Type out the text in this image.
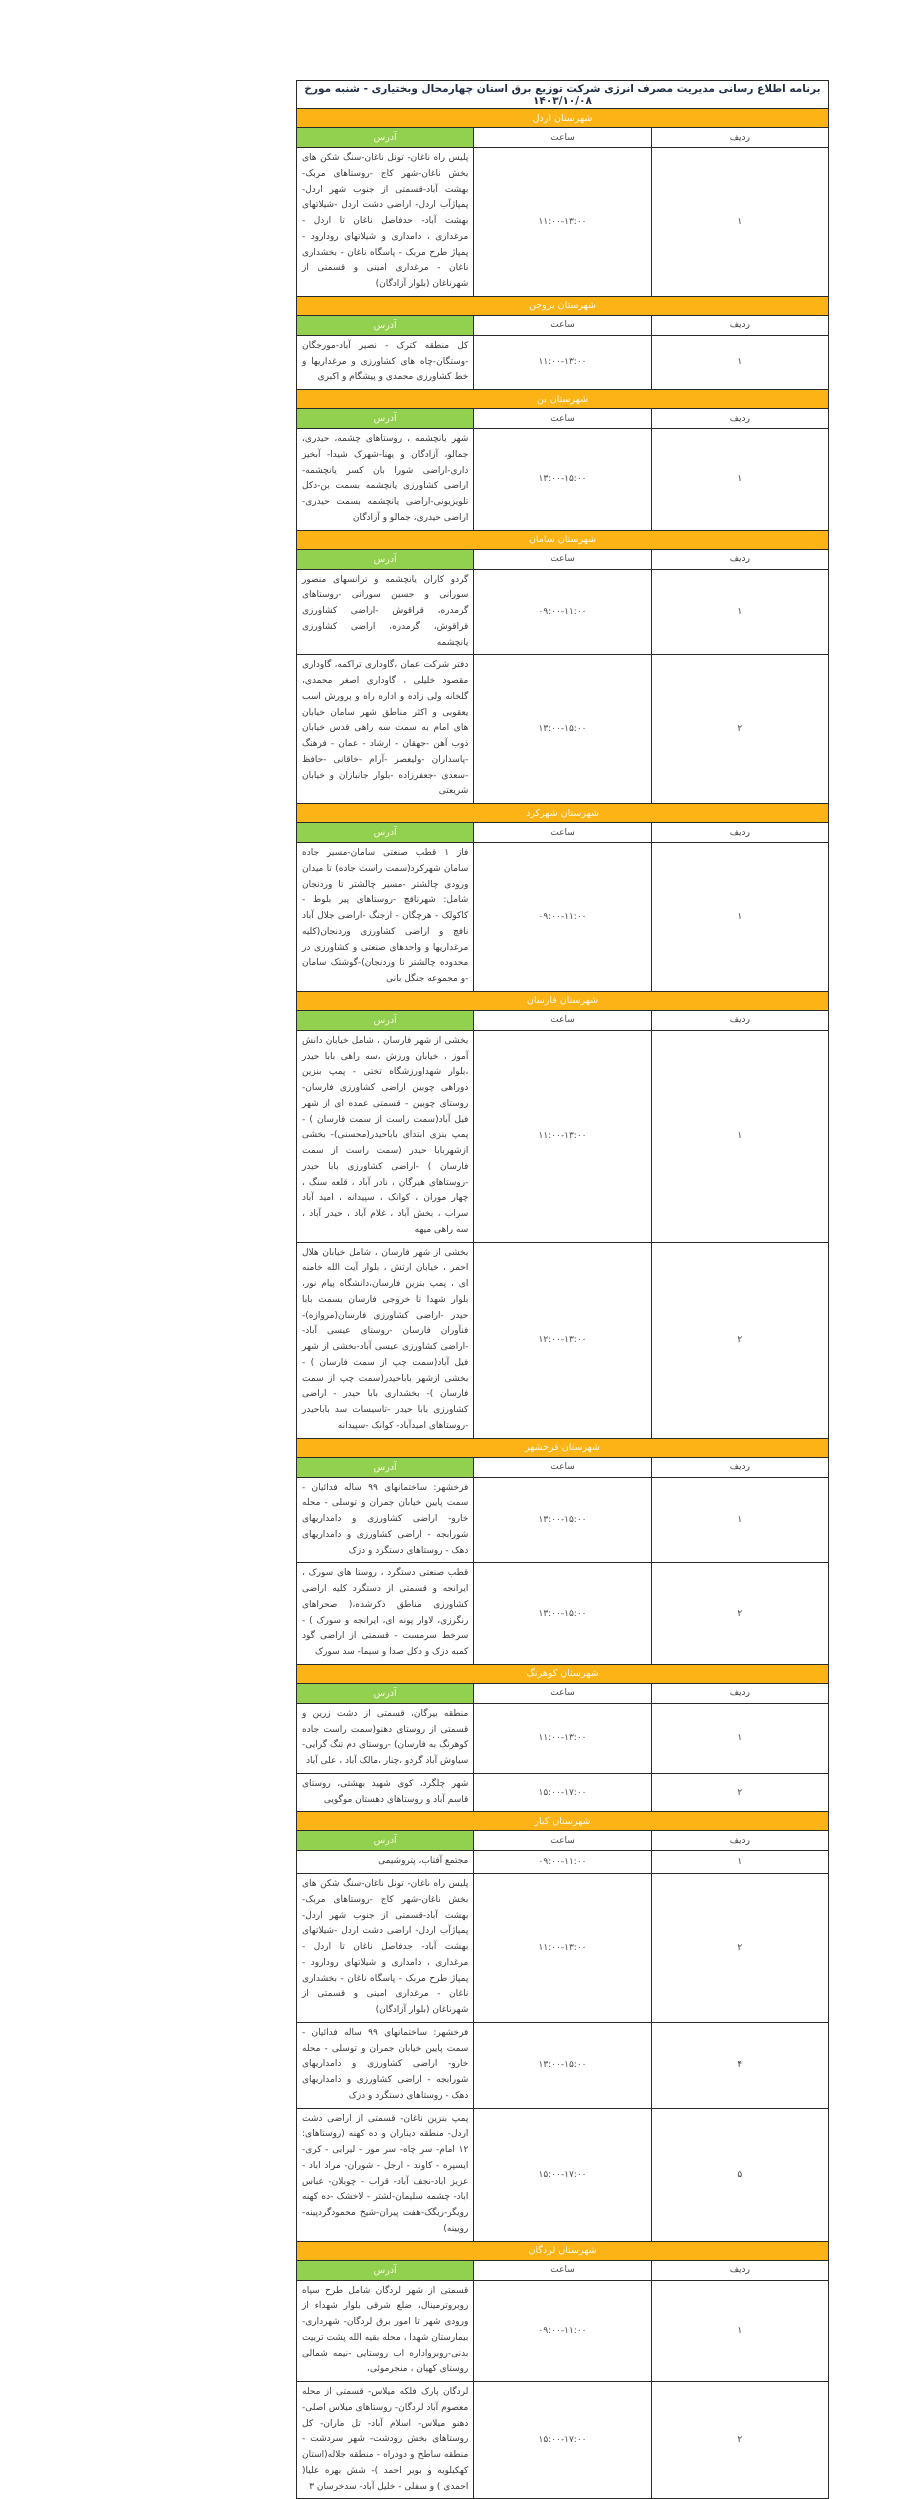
برنامه اطلاع رسانی مدیریت مصرف انرژی شرکت توزیع برق استان چهارمحال وبختیاری - شنبه مورخ ۱۴۰۳/۱۰/۰۸		
شهرستان اردل		
ردیف	ساعت	آدرس
۱	۱۱:۰۰-۱۳:۰۰	پلیس راه ناغان- تونل ناغان-سنگ شکن های بخش ناغان-شهر کاج -روستاهای مربک-بهشت آباد-قسمتی از جنوب شهر اردل- پمپاژآب اردل- اراضی دشت اردل -شیلاتهای بهشت آباد- حدفاصل ناغان تا اردل - مرغداری ، دامداری و شیلاتهای رودارود - پمپاژ طرح مربک - پاسگاه ناغان - بخشداری ناغان - مرغداری امینی و قسمتی از شهرناغان (بلوار آزادگان)
شهرستان بروجن		
ردیف	ساعت	آدرس
۱	۱۱:۰۰-۱۳:۰۰	کل منطقه کترک - نصیر آباد-مورجگان -وستگان-چاه های کشاورزی و مرغداریها و خط کشاورزی محمدی و پیشگام و اکبری
شهرستان بن		
ردیف	ساعت	آدرس
۱	۱۳:۰۰-۱۵:۰۰	شهر یانچشمه ، روستاهای چشمه، حیدری، جمالو، آزادگان و یهنا-شهرک شیدا- آبخیز داری-اراضی شورا بان کسر یانچشمه- اراضی کشاورزی یانچشمه بسمت بن-دکل تلویزیونی-اراضی یانچشمه بسمت حیدری-اراضی حیدری، جمالو و آزادگان
شهرستان سامان		
ردیف	ساعت	آدرس
۱	۰۹:۰۰-۱۱:۰۰	گردو کاران یانچشمه و ترانسهای منصور سورانی و حسین سورانی -روستاهای گرمدره، قراقوش -اراضی کشاورزی قراقوش، گرمدره، اراضی کشاورزی یانچشمه
۲	۱۳:۰۰-۱۵:۰۰	دفتر شرکت عمان ،گاوداری تراکمه، گاوداری مقصود خلیلی ، گاوداری اصغر محمدی، گلخانه ولی زاده و اداره راه و پرورش اسب یعقوبی و اکثر مناطق شهر سامان خیابان های امام به سمت سه راهی قدس خیابان ذوب آهن -جهقان - ارشاد - عمان - فرهنگ -پاسداران -ولیعصر -آرام -خاقانی -حافظ -سعدی -جعفرزاده -بلوار جانبازان و خیابان شریعتی
شهرستان شهرکرد		
ردیف	ساعت	آدرس
۱	۰۹:۰۰-۱۱:۰۰	فاز ۱ قطب صنعتی سامان-مسیر جاده سامان شهرکرد(سمت راست جاده) تا میدان ورودی چالشتر -مسیر چالشتر تا وردنجان شامل: شهرنافچ -روستاهای پیر بلوط - کاکولک - هرچگان - ارجنگ -اراضی جلال آباد نافچ و اراضی کشاورزی وردنجان(کلیه مرغداریها و واحدهای صنعتی و کشاورزی در محدوده چالشتر تا وردنجان)-گوشتک سامان -و مجموعه جنگل بانی
شهرستان فارسان		
ردیف	ساعت	آدرس
۱	۱۱:۰۰-۱۳:۰۰	بخشی از شهر فارسان ، شامل خیابان دانش آموز ، خیابان ورزش ،سه راهی بابا حیدر ،بلوار شهداورزشگاه تختی - پمپ بنزین دوراهی چوبین اراضی کشاورزی فارسان- روستای چوبین - قسمتی عمده ای از شهر فیل آباد(سمت راست از سمت فارسان ) - پمپ بنزی ابتدای باباحیدر(محسنی)- بخشی ازشهربابا حیدر (سمت راست از سمت فارسان ) -اراضی کشاورزی بابا حیدر -روستاهای هیرگان ، نادر آباد ، قلعه سنگ ، چهار موران ، کوانک ، سپیدانه ، امید آباد سراب ، بخش آباد ، غلام آباد ، حیدر آباد ، سه راهی میهه
۲	۱۲:۰۰-۱۳:۰۰	بخشی از شهر فارسان ، شامل خیابان هلال احمر ، خیابان ارتش ، بلوار آیت الله خامنه ای ، پمپ بنزین فارسان،دانشگاه پیام نور، بلوار شهدا تا خروجی فارسان بسمت بابا حیدر -اراضی کشاورزی فارسان(مروازه)-فنآوران فارسان -روستای عیسی آباد- -اراضی کشاورزی عیسی آباد-بخشی از شهر فیل آباد(سمت چپ از سمت فارسان ) - بخشی ازشهر باباحیدر(سمت چپ از سمت فارسان )- بخشداری بابا حیدر - اراضی کشاورزی بابا حیدر -تاسیسات سد باباحیدر -روستاهای امیدآباد- کوانک -سپیدانه
شهرستان فرخشهر		
ردیف	ساعت	آدرس
۱	۱۳:۰۰-۱۵:۰۰	فرخشهر: ساختمانهای ۹۹ ساله فدائیان - سمت پایین خیابان جمران و توسلی - محله خارو- اراضی کشاورزی و دامداریهای شورابجه - اراضی کشاورزی و دامداریهای دهک - روستاهای دستگرد و دزک
۲	۱۳:۰۰-۱۵:۰۰	قطب صنعتی دستگرد ، روستا های سورک ، ایرانجه و قسمتی از دستگرد کلیه اراضی کشاورزی مناطق ذکرشده،( صحراهای رنگرزی، لاوار پونه ای، ایرانجه و سورک ) - سرخط سرمست - قسمتی از اراضی گود کمبه دزک و دکل صدا و سیما- سد سورک
شهرستان کوهرنگ		
ردیف	ساعت	آدرس
۱	۱۱:۰۰-۱۳:۰۰	منطقه بیرگان، قسمتی از دشت زرین و قسمتی از روستای دهنو(سمت راست جاده کوهرنگ به فارسان) -روستای دم تنگ گرایی-سیاوش آباد گردو ،چنار ،مالک آباد ، علی آباد
۲	۱۵:۰۰-۱۷:۰۰	شهر چلگرد، کوی شهید بهشتی، روستای قاسم آباد و روستاهای دهستان موگویی
شهرستان کیار		
ردیف	ساعت	آدرس
۱	۰۹:۰۰-۱۱:۰۰	مجتمع آفتاب، پتروشیمی
۲	۱۱:۰۰-۱۳:۰۰	پلیس راه ناغان- تونل ناغان-سنگ شکن های بخش ناغان-شهر کاج -روستاهای مربک-بهشت آباد-قسمتی از جنوب شهر اردل- پمپاژآب اردل- اراضی دشت اردل -شیلاتهای بهشت آباد- حدفاصل ناغان تا اردل - مرغداری ، دامداری و شیلاتهای رودارود - پمپاژ طرح مربک - پاسگاه ناغان - بخشداری ناغان - مرغداری امینی و قسمتی از شهرناغان (بلوار آزادگان)
۴	۱۳:۰۰-۱۵:۰۰	فرخشهر: ساختمانهای ۹۹ ساله فدائیان - سمت پایین خیابان جمران و توسلی - محله خارو- اراضی کشاورزی و دامداریهای شورابجه - اراضی کشاورزی و دامداریهای دهک - روستاهای دستگرد و دزک
۵	۱۵:۰۰-۱۷:۰۰	پمپ بنزین ناغان- قسمتی از اراضی دشت اردل- منطقه دیناران و ده کهنه (روستاهای: ۱۲ امام- سر چاه- سر مور - لیرابی - کری- ایسپره - کاوند - ارجل - شوران- مراد اباد - عزیز اباد-نجف آباد- قراب - چوبلان- عباس اباد- چشمه سلیمان-لشتر - لاخشک -ده کهنه رویگر-ریگک-هفت پیران-شیخ محمودگردپینه-رویینه)
شهرستان لردگان		
ردیف	ساعت	آدرس
۱	۰۹:۰۰-۱۱:۰۰	قسمتی از شهر لردگان شامل طرح سپاه روبروترمینال، ضلع شرقی بلوار شهداء از ورودی شهر تا امور برق لردگان- شهرداری- بیمارستان شهدا ، محله بقیه الله پشت تربیت بدنی-روبرواداره اب روستایی -نیمه شمالی روستای کهیان ، منجرموئی،
۲	۱۵:۰۰-۱۷:۰۰	لردگان پارک فلکه میلاس- قسمتی از محله معصوم آباد لردگان- روستاهای میلاس اصلی- دهنو میلاس- اسلام آباد- تل ماران- کل روستاهای بخش رودشت- شهر سردشت - منطقه ساطح و دودراه - منطقه جلاله(استان کهکیلویه و بویر احمد )- شش بهره علیا( احمدی ) و سفلی - خلیل آباد- سدخرسان ۳
